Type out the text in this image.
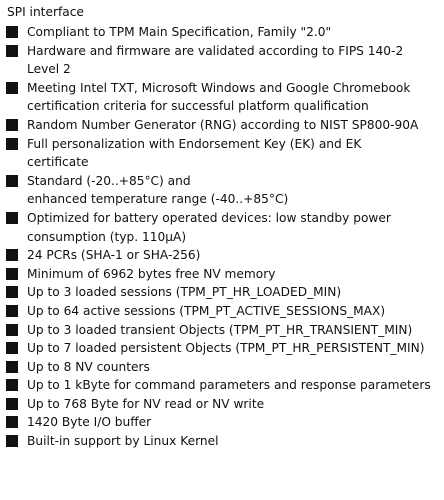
SPI interface
Compliant to TPM Main Specification, Family "2.0"
Hardware and firmware are validated according to FIPS 140-2
Level 2
Meeting Intel TXT, Microsoft Windows and Google Chromebook
certification criteria for successful platform qualification
Random Number Generator (RNG) according to NIST SP800-90A
Full personalization with Endorsement Key (EK) and EK
certificate
Standard (-20..+85°C) and
enhanced temperature range (-40..+85°C)
Optimized for battery operated devices: low standby power
consumption (typ. 110µA)
24 PCRs (SHA-1 or SHA-256)
Minimum of 6962 bytes free NV memory
Up to 3 loaded sessions (TPM_PT_HR_LOADED_MIN)
Up to 64 active sessions (TPM_PT_ACTIVE_SESSIONS_MAX)
Up to 3 loaded transient Objects (TPM_PT_HR_TRANSIENT_MIN)
Up to 7 loaded persistent Objects (TPM_PT_HR_PERSISTENT_MIN)
Up to 8 NV counters
Up to 1 kByte for command parameters and response parameters
Up to 768 Byte for NV read or NV write
1420 Byte I/O buffer
Built-in support by Linux Kernel
